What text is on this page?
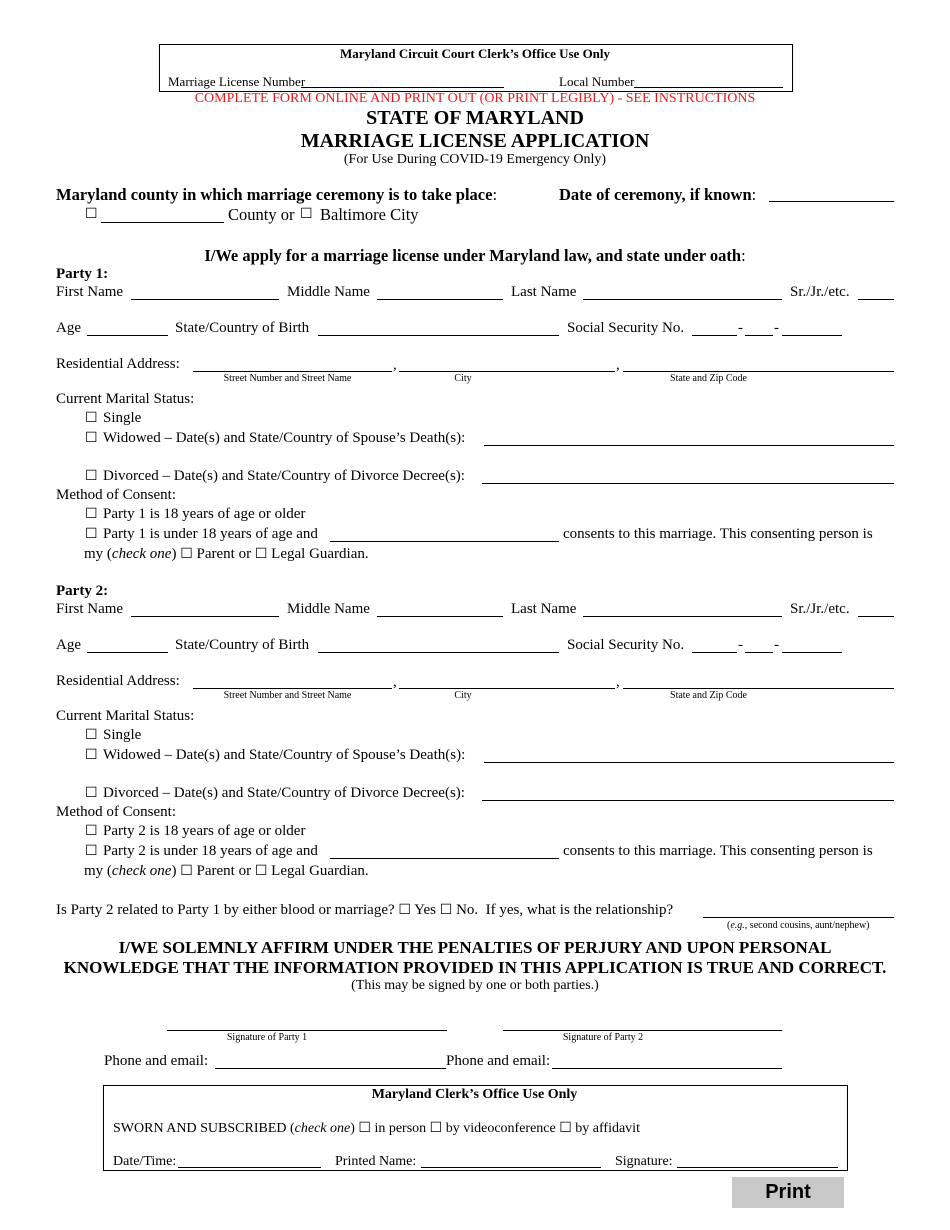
Maryland Circuit Court Clerk’s Office Use Only
Marriage License Number	Local Number
COMPLETE FORM ONLINE AND PRINT OUT (OR PRINT LEGIBLY) - SEE INSTRUCTIONS
STATE OF MARYLAND
MARRIAGE LICENSE APPLICATION
(For Use During COVID-19 Emergency Only)
Maryland county in which marriage ceremony is to take place:	Date of ceremony, if known:
☐	County or ☐ Baltimore City
I/We apply for a marriage license under Maryland law, and state under oath:
Party 1:
First Name	Middle Name	Last Name	Sr./Jr./etc.
Age	State/Country of Birth	Social Security No.	- -
Residential Address:	,	,
Street Number and Street Name	City	State and Zip Code
Current Marital Status:
☐ Single
☐ Widowed – Date(s) and State/Country of Spouse’s Death(s):
☐ Divorced – Date(s) and State/Country of Divorce Decree(s):
Method of Consent:
☐ Party 1 is 18 years of age or older
☐ Party 1 is under 18 years of age and	consents to this marriage. This consenting person is
my (check one) ☐ Parent or ☐ Legal Guardian.
Party 2:
First Name	Middle Name	Last Name	Sr./Jr./etc.
Age	State/Country of Birth	Social Security No.	- -
Residential Address:	,	,
Street Number and Street Name	City	State and Zip Code
Current Marital Status:
☐ Single
☐ Widowed – Date(s) and State/Country of Spouse’s Death(s):
☐ Divorced – Date(s) and State/Country of Divorce Decree(s):
Method of Consent:
☐ Party 2 is 18 years of age or older
☐ Party 2 is under 18 years of age and	consents to this marriage. This consenting person is
my (check one) ☐ Parent or ☐ Legal Guardian.
Is Party 2 related to Party 1 by either blood or marriage? ☐ Yes ☐ No. If yes, what is the relationship?
(e.g., second cousins, aunt/nephew)
I/WE SOLEMNLY AFFIRM UNDER THE PENALTIES OF PERJURY AND UPON PERSONAL
KNOWLEDGE THAT THE INFORMATION PROVIDED IN THIS APPLICATION IS TRUE AND CORRECT.
(This may be signed by one or both parties.)
Signature of Party 1	Signature of Party 2
Phone and email:	Phone and email:
Maryland Clerk’s Office Use Only
SWORN AND SUBSCRIBED (check one) ☐ in person ☐ by videoconference ☐ by affidavit
Date/Time:	Printed Name:	Signature:
Print
